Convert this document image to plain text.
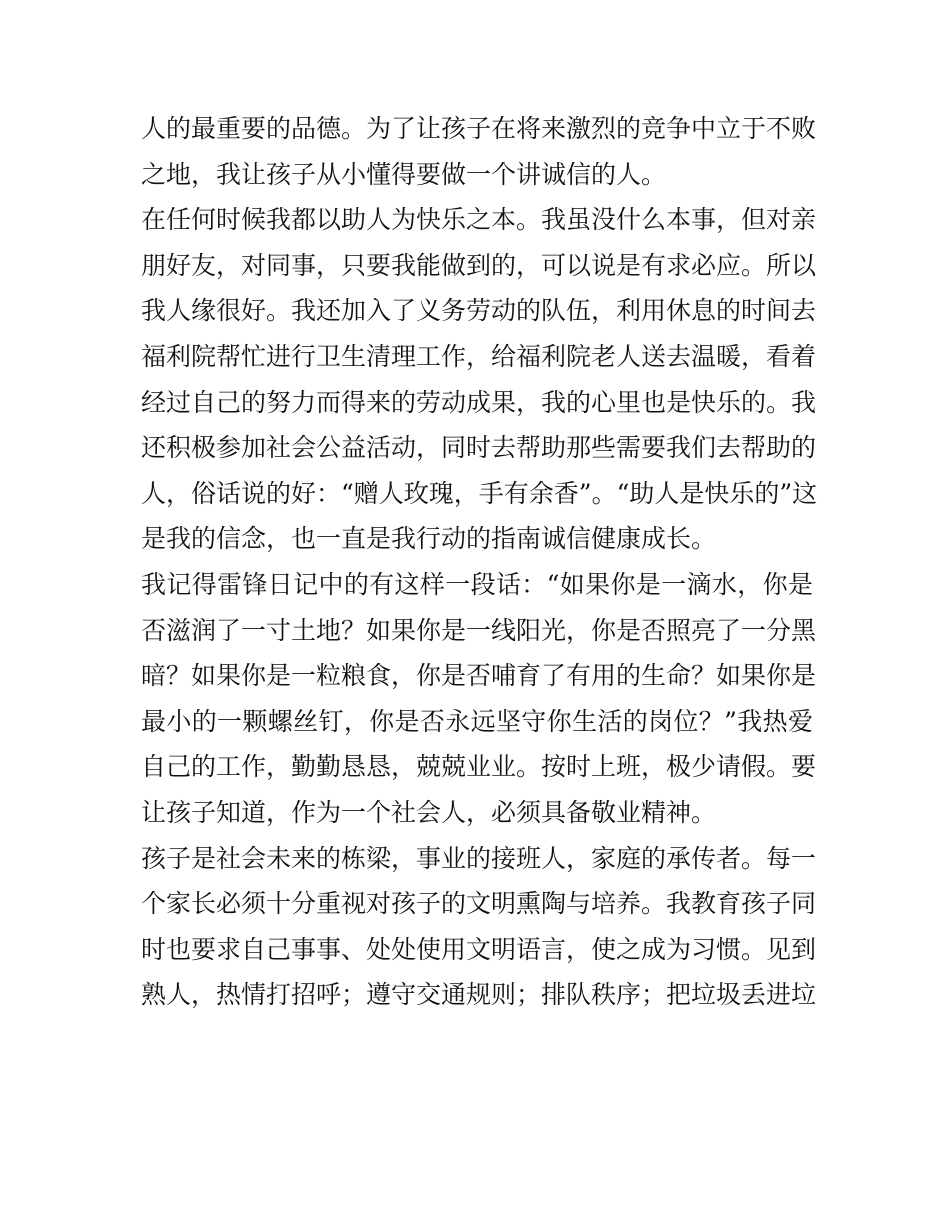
人的最重要的品德。为了让孩子在将来激烈的竞争中立于不败
之地，我让孩子从小懂得要做一个讲诚信的人。
在任何时候我都以助人为快乐之本。我虽没什么本事，但对亲
朋好友，对同事，只要我能做到的，可以说是有求必应。所以
我人缘很好。我还加入了义务劳动的队伍，利用休息的时间去
福利院帮忙进行卫生清理工作，给福利院老人送去温暖，看着
经过自己的努力而得来的劳动成果，我的心里也是快乐的。我
还积极参加社会公益活动，同时去帮助那些需要我们去帮助的
人，俗话说的好：“赠人玫瑰，手有余香”。“助人是快乐的”这
是我的信念，也一直是我行动的指南诚信健康成长。
我记得雷锋日记中的有这样一段话：“如果你是一滴水，你是
否滋润了一寸土地？如果你是一线阳光，你是否照亮了一分黑
暗？如果你是一粒粮食，你是否哺育了有用的生命？如果你是
最小的一颗螺丝钉，你是否永远坚守你生活的岗位？”我热爱
自己的工作，勤勤恳恳，兢兢业业。按时上班，极少请假。要
让孩子知道，作为一个社会人，必须具备敬业精神。
孩子是社会未来的栋梁，事业的接班人，家庭的承传者。每一
个家长必须十分重视对孩子的文明熏陶与培养。我教育孩子同
时也要求自己事事、处处使用文明语言，使之成为习惯。见到
熟人，热情打招呼；遵守交通规则；排队秩序；把垃圾丢进垃
